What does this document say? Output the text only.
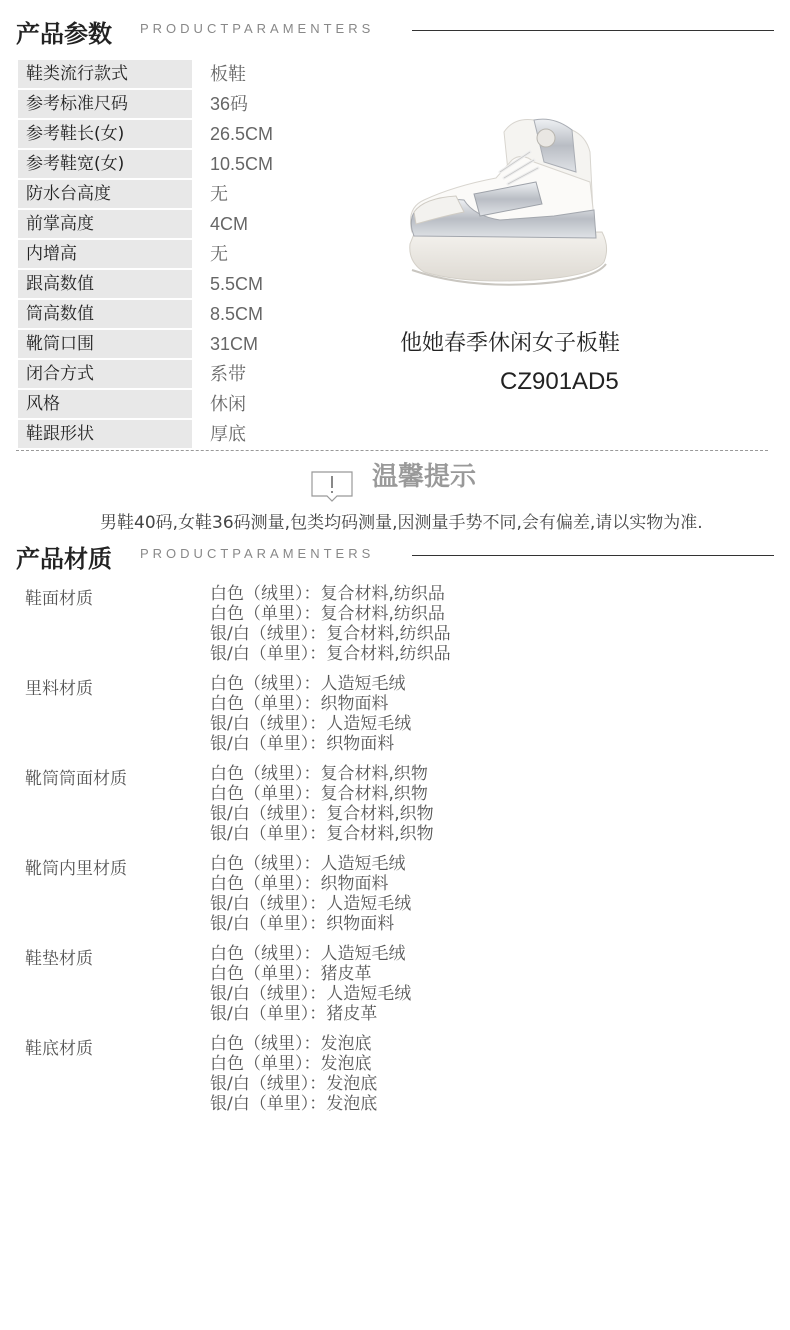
产品参数 PRODUCTPARAMENTERS
鞋类流行款式	板鞋
参考标准尺码	36码
参考鞋长(女)	26.5CM
参考鞋宽(女)	10.5CM
防水台高度	无
前掌高度	4CM
内增高	无
跟高数值	5.5CM
筒高数值	8.5CM
靴筒口围	31CM
闭合方式	系带
风格	休闲
鞋跟形状	厚底
他她春季休闲女子板鞋
CZ901AD5
温馨提示
男鞋40码,女鞋36码测量,包类均码测量,因测量手势不同,会有偏差,请以实物为准.
产品材质 PRODUCTPARAMENTERS
鞋面材质	白色（绒里）：复合材料,纺织品
白色（单里）：复合材料,纺织品
银/白（绒里）：复合材料,纺织品
银/白（单里）：复合材料,纺织品
里料材质	白色（绒里）：人造短毛绒
白色（单里）：织物面料
银/白（绒里）：人造短毛绒
银/白（单里）：织物面料
靴筒筒面材质	白色（绒里）：复合材料,织物
白色（单里）：复合材料,织物
银/白（绒里）：复合材料,织物
银/白（单里）：复合材料,织物
靴筒内里材质	白色（绒里）：人造短毛绒
白色（单里）：织物面料
银/白（绒里）：人造短毛绒
银/白（单里）：织物面料
鞋垫材质	白色（绒里）：人造短毛绒
白色（单里）：猪皮革
银/白（绒里）：人造短毛绒
银/白（单里）：猪皮革
鞋底材质	白色（绒里）：发泡底
白色（单里）：发泡底
银/白（绒里）：发泡底
银/白（单里）：发泡底
